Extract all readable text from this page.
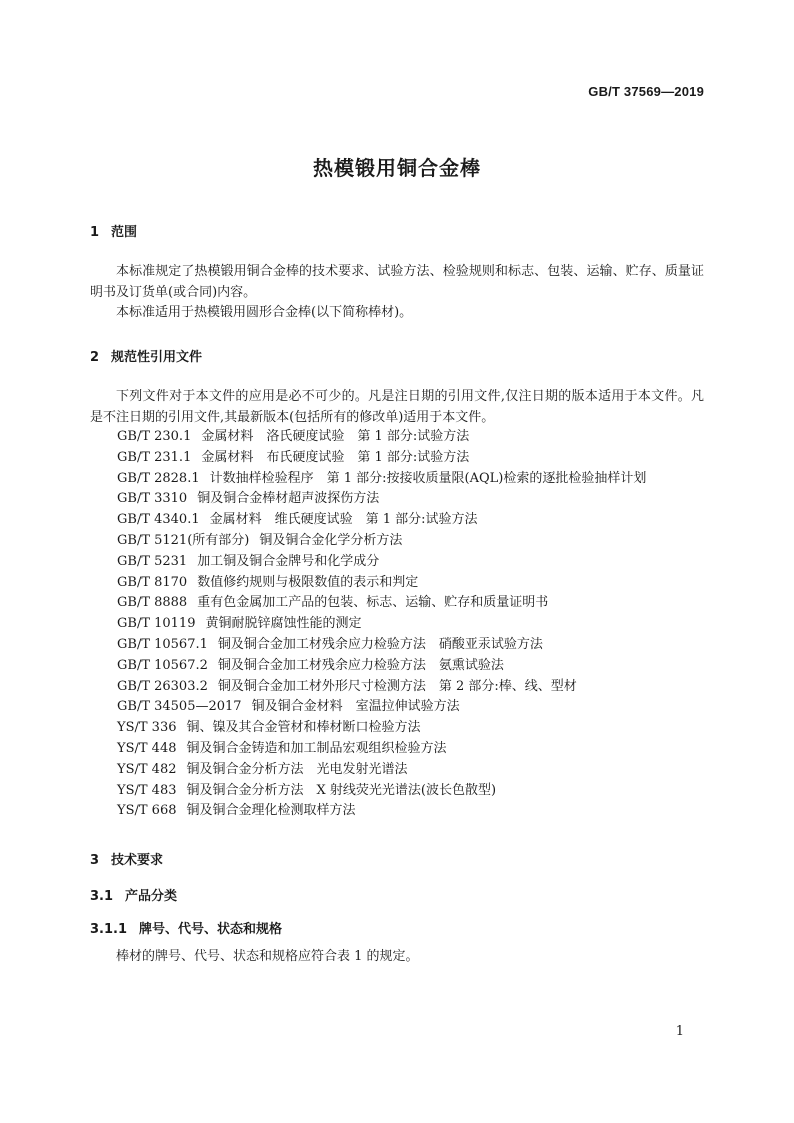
GB/T 37569—2019
热模锻用铜合金棒
1 范围
本标准规定了热模锻用铜合金棒的技术要求、试验方法、检验规则和标志、包装、运输、贮存、质量证明书及订货单(或合同)内容。
本标准适用于热模锻用圆形合金棒(以下简称棒材)。
2 规范性引用文件
下列文件对于本文件的应用是必不可少的。凡是注日期的引用文件,仅注日期的版本适用于本文件。凡是不注日期的引用文件,其最新版本(包括所有的修改单)适用于本文件。
GB/T 230.1 金属材料　洛氏硬度试验　第 1 部分:试验方法
GB/T 231.1 金属材料　布氏硬度试验　第 1 部分:试验方法
GB/T 2828.1 计数抽样检验程序　第 1 部分:按接收质量限(AQL)检索的逐批检验抽样计划
GB/T 3310 铜及铜合金棒材超声波探伤方法
GB/T 4340.1 金属材料　维氏硬度试验　第 1 部分:试验方法
GB/T 5121(所有部分) 铜及铜合金化学分析方法
GB/T 5231 加工铜及铜合金牌号和化学成分
GB/T 8170 数值修约规则与极限数值的表示和判定
GB/T 8888 重有色金属加工产品的包装、标志、运输、贮存和质量证明书
GB/T 10119 黄铜耐脱锌腐蚀性能的测定
GB/T 10567.1 铜及铜合金加工材残余应力检验方法　硝酸亚汞试验方法
GB/T 10567.2 铜及铜合金加工材残余应力检验方法　氨熏试验法
GB/T 26303.2 铜及铜合金加工材外形尺寸检测方法　第 2 部分:棒、线、型材
GB/T 34505—2017 铜及铜合金材料　室温拉伸试验方法
YS/T 336 铜、镍及其合金管材和棒材断口检验方法
YS/T 448 铜及铜合金铸造和加工制品宏观组织检验方法
YS/T 482 铜及铜合金分析方法　光电发射光谱法
YS/T 483 铜及铜合金分析方法　X 射线荧光光谱法(波长色散型)
YS/T 668 铜及铜合金理化检测取样方法
3 技术要求
3.1 产品分类
3.1.1 牌号、代号、状态和规格
棒材的牌号、代号、状态和规格应符合表 1 的规定。
1
